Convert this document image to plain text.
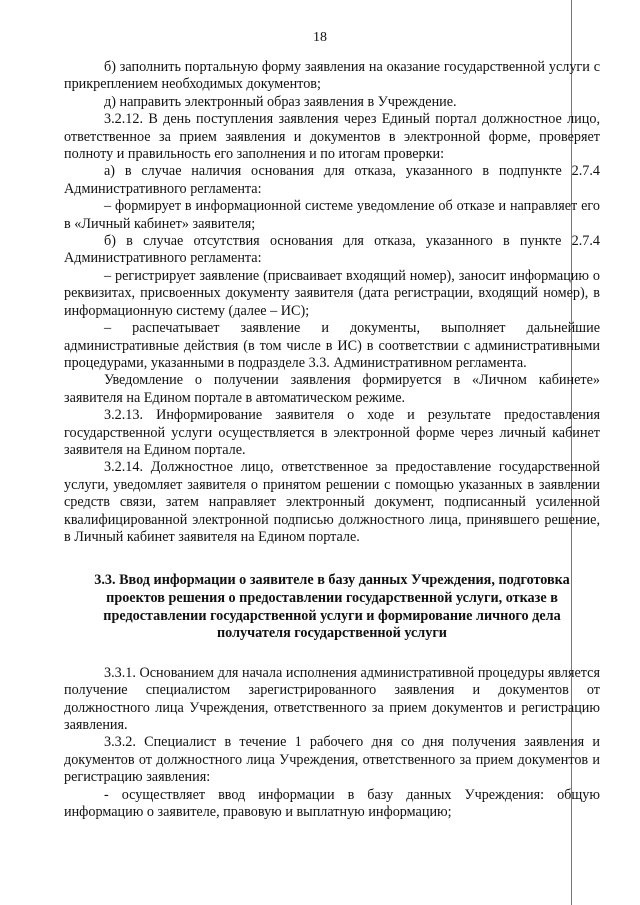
18

б) заполнить портальную форму заявления на оказание государственной услуги с прикреплением необходимых документов;

д) направить электронный образ заявления в Учреждение.

3.2.12. В день поступления заявления через Единый портал должностное лицо, ответственное за прием заявления и документов в электронной форме, проверяет полноту и правильность его заполнения и по итогам проверки:

а) в случае наличия основания для отказа, указанного в подпункте 2.7.4 Административного регламента:

– формирует в информационной системе уведомление об отказе и направляет его в «Личный кабинет» заявителя;

б) в случае отсутствия основания для отказа, указанного в пункте 2.7.4 Административного регламента:

– регистрирует заявление (присваивает входящий номер), заносит информацию о реквизитах, присвоенных документу заявителя (дата регистрации, входящий номер), в информационную систему (далее – ИС);

– распечатывает заявление и документы, выполняет дальнейшие административные действия (в том числе в ИС) в соответствии с административными процедурами, указанными в подразделе 3.3. Административном регламента.

Уведомление о получении заявления формируется в «Личном кабинете» заявителя на Едином портале в автоматическом режиме.

3.2.13. Информирование заявителя о ходе и результате предоставления государственной услуги осуществляется в электронной форме через личный кабинет заявителя на Едином портале.

3.2.14. Должностное лицо, ответственное за предоставление государственной услуги, уведомляет заявителя о принятом решении с помощью указанных в заявлении средств связи, затем направляет электронный документ, подписанный усиленной квалифицированной электронной подписью должностного лица, принявшего решение, в Личный кабинет заявителя на Едином портале.

3.3. Ввод информации о заявителе в базу данных Учреждения, подготовка проектов решения о предоставлении государственной услуги, отказе в предоставлении государственной услуги и формирование личного дела получателя государственной услуги

3.3.1. Основанием для начала исполнения административной процедуры является получение специалистом зарегистрированного заявления и документов от должностного лица Учреждения, ответственного за прием документов и регистрацию заявления.

3.3.2. Специалист в течение 1 рабочего дня со дня получения заявления и документов от должностного лица Учреждения, ответственного за прием документов и регистрацию заявления:

- осуществляет ввод информации в базу данных Учреждения: общую информацию о заявителе, правовую и выплатную информацию;
